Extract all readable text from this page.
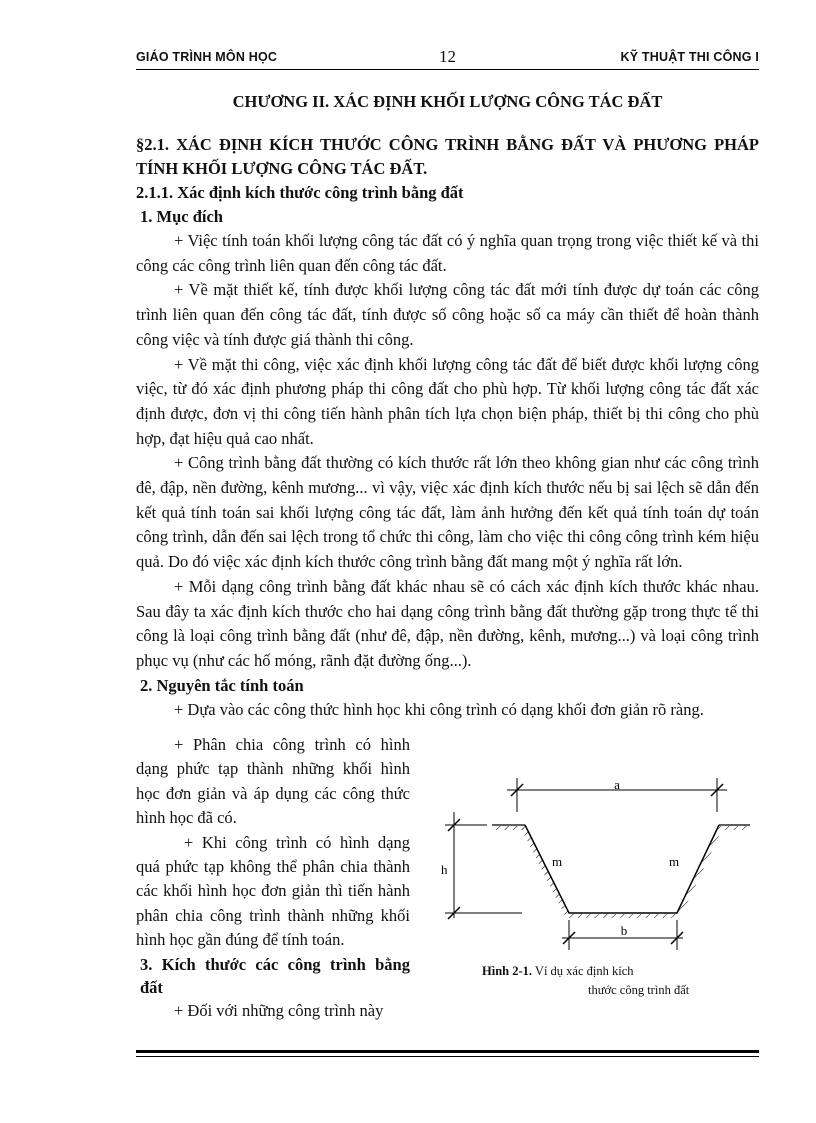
GIÁO TRÌNH MÔN HỌC	12	KỸ THUẬT THI CÔNG I
CHƯƠNG II. XÁC ĐỊNH KHỐI LƯỢNG CÔNG TÁC ĐẤT
§2.1. XÁC ĐỊNH KÍCH THƯỚC CÔNG TRÌNH BẰNG ĐẤT VÀ PHƯƠNG PHÁP
TÍNH KHỐI LƯỢNG CÔNG TÁC ĐẤT.
2.1.1. Xác định kích thước công trình bằng đất
1. Mục đích

+ Việc tính toán khối lượng công tác đất có ý nghĩa quan trọng trong việc thiết kế và thi công các công trình liên quan đến công tác đất.

+ Về mặt thiết kế, tính được khối lượng công tác đất mới tính được dự toán các công trình liên quan đến công tác đất, tính được số công hoặc số ca máy cần thiết để hoàn thành công việc và tính được giá thành thi công.

+ Về mặt thi công, việc xác định khối lượng công tác đất để biết được khối lượng công việc, từ đó xác định phương pháp thi công đất cho phù hợp. Từ khối lượng công tác đất xác định được, đơn vị thi công tiến hành phân tích lựa chọn biện pháp, thiết bị thi công cho phù hợp, đạt hiệu quả cao nhất.

+ Công trình bằng đất thường có kích thước rất lớn theo không gian như các công trình đê, đập, nền đường, kênh mương... vì vậy, việc xác định kích thước nếu bị sai lệch sẽ dẫn đến kết quả tính toán sai khối lượng công tác đất, làm ảnh hưởng đến kết quả tính toán dự toán công trình, dẫn đến sai lệch trong tổ chức thi công, làm cho việc thi công công trình kém hiệu quả. Do đó việc xác định kích thước công trình bằng đất mang một ý nghĩa rất lớn.

+ Mỗi dạng công trình bằng đất khác nhau sẽ có cách xác định kích thước khác nhau. Sau đây ta xác định kích thước cho hai dạng công trình bằng đất thường gặp trong thực tế thi công là loại công trình bằng đất (như đê, đập, nền đường, kênh, mương...) và loại công trình phục vụ (như các hố móng, rãnh đặt đường ống...).

2. Nguyên tắc tính toán

+ Dựa vào các công thức hình học khi công trình có dạng khối đơn giản rõ ràng.

+ Phân chia công trình có hình dạng phức tạp thành những khối hình học đơn giản và áp dụng các công thức hình học đã có.

+ Khi công trình có hình dạng quá phức tạp không thể phân chia thành các khối hình học đơn giản thì tiến hành phân chia công trình thành những khối hình học gần đúng để tính toán.

3. Kích thước các công trình bằng
đất

+ Đối với những công trình này

a
h
m	m
b
Hình 2-1. Ví dụ xác định kích
thước công trình đất
